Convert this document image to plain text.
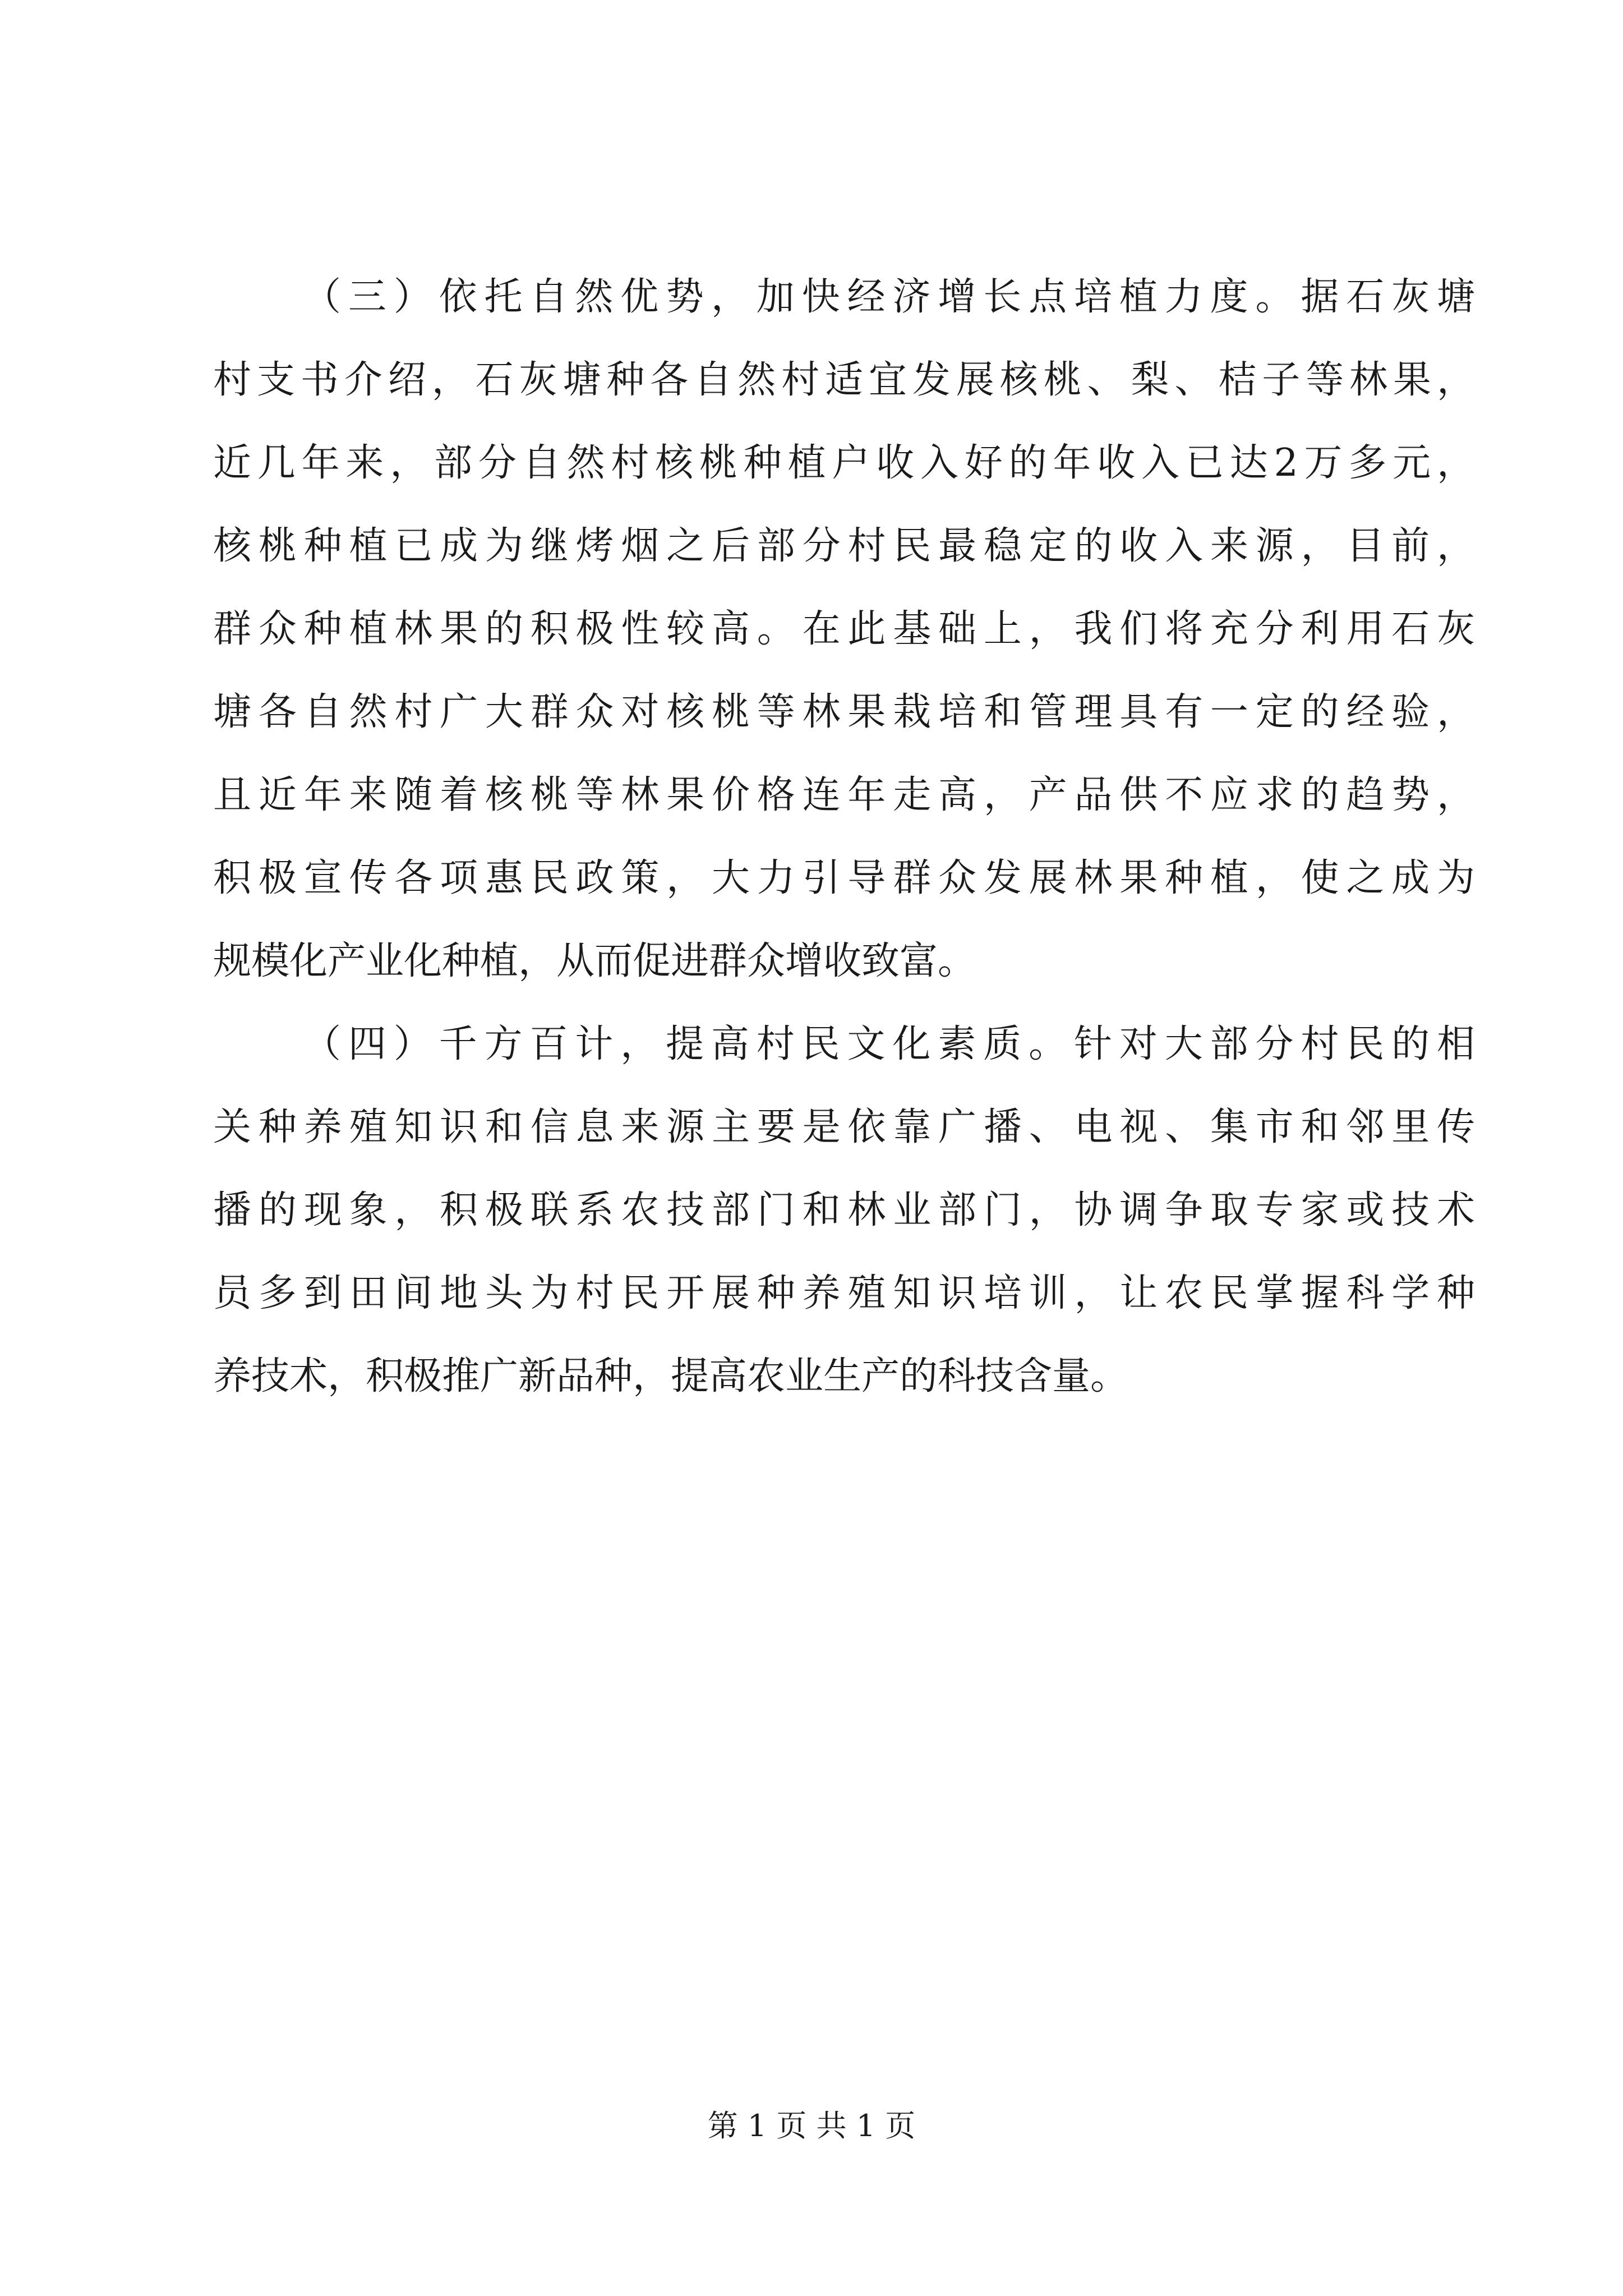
（三）依托自然优势，加快经济增长点培植力度。据石灰塘
村支书介绍，石灰塘种各自然村适宜发展核桃、梨、桔子等林果，
近几年来，部分自然村核桃种植户收入好的年收入已达2万多元，
核桃种植已成为继烤烟之后部分村民最稳定的收入来源，目前，
群众种植林果的积极性较高。在此基础上，我们将充分利用石灰
塘各自然村广大群众对核桃等林果栽培和管理具有一定的经验，
且近年来随着核桃等林果价格连年走高，产品供不应求的趋势，
积极宣传各项惠民政策，大力引导群众发展林果种植，使之成为
规模化产业化种植，从而促进群众增收致富。
（四）千方百计，提高村民文化素质。针对大部分村民的相
关种养殖知识和信息来源主要是依靠广播、电视、集市和邻里传
播的现象，积极联系农技部门和林业部门，协调争取专家或技术
员多到田间地头为村民开展种养殖知识培训，让农民掌握科学种
养技术，积极推广新品种，提高农业生产的科技含量。
第 1 页 共 1 页
